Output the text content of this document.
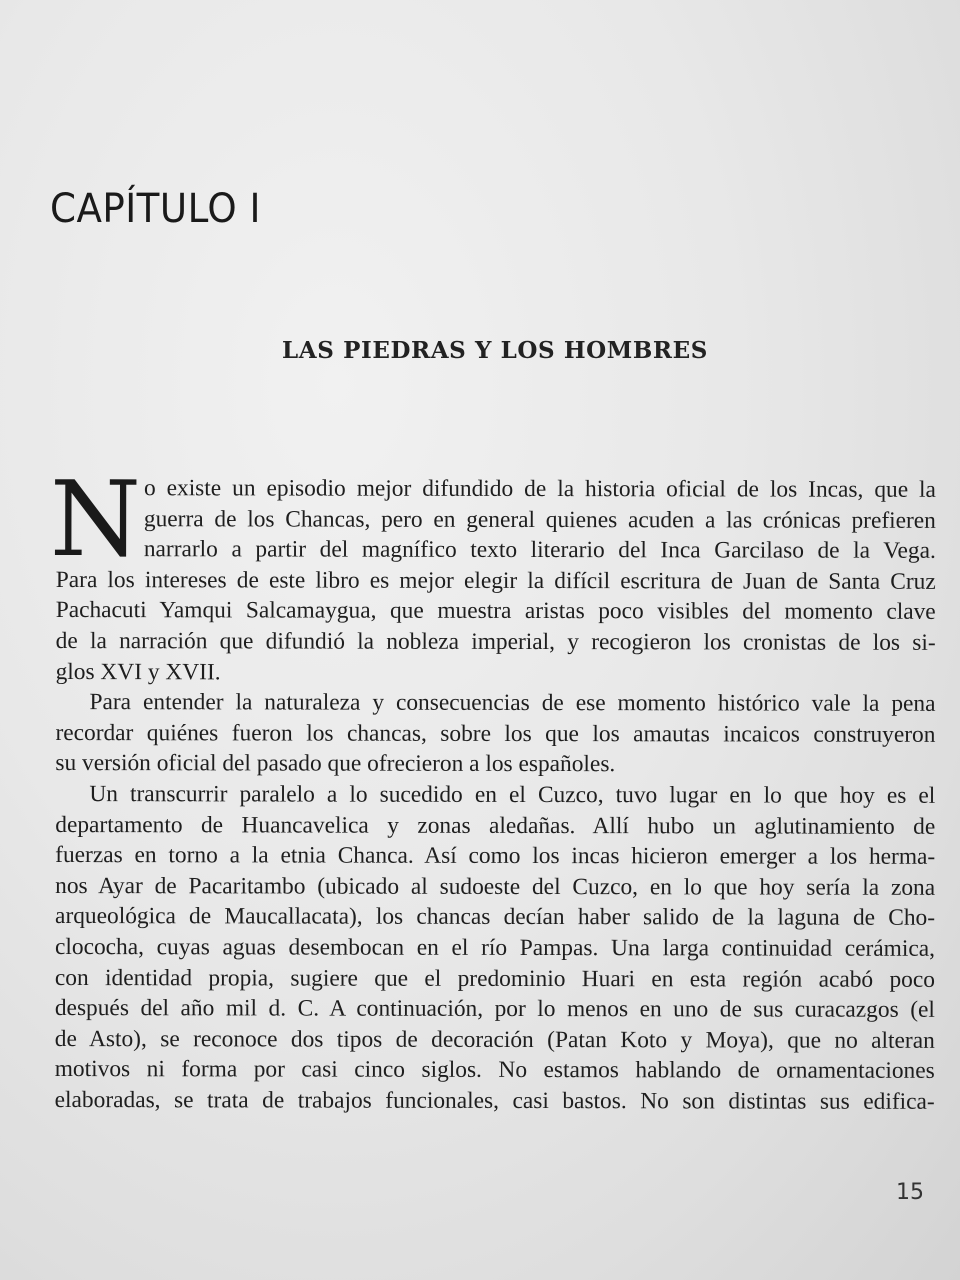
CAPÍTULO I
LAS PIEDRAS Y LOS HOMBRES
N o existe un episodio mejor difundido de la historia oficial de los Incas, que la
guerra de los Chancas, pero en general quienes acuden a las crónicas prefieren
narrarlo a partir del magnífico texto literario del Inca Garcilaso de la Vega.
Para los intereses de este libro es mejor elegir la difícil escritura de Juan de Santa Cruz
Pachacuti Yamqui Salcamaygua, que muestra aristas poco visibles del momento clave
de la narración que difundió la nobleza imperial, y recogieron los cronistas de los si-
glos XVI y XVII.
Para entender la naturaleza y consecuencias de ese momento histórico vale la pena
recordar quiénes fueron los chancas, sobre los que los amautas incaicos construyeron
su versión oficial del pasado que ofrecieron a los españoles.
Un transcurrir paralelo a lo sucedido en el Cuzco, tuvo lugar en lo que hoy es el
departamento de Huancavelica y zonas aledañas. Allí hubo un aglutinamiento de
fuerzas en torno a la etnia Chanca. Así como los incas hicieron emerger a los herma-
nos Ayar de Pacaritambo (ubicado al sudoeste del Cuzco, en lo que hoy sería la zona
arqueológica de Maucallacata), los chancas decían haber salido de la laguna de Cho-
clococha, cuyas aguas desembocan en el río Pampas. Una larga continuidad cerámica,
con identidad propia, sugiere que el predominio Huari en esta región acabó poco
después del año mil d. C. A continuación, por lo menos en uno de sus curacazgos (el
de Asto), se reconoce dos tipos de decoración (Patan Koto y Moya), que no alteran
motivos ni forma por casi cinco siglos. No estamos hablando de ornamentaciones
elaboradas, se trata de trabajos funcionales, casi bastos. No son distintas sus edifica-
15
